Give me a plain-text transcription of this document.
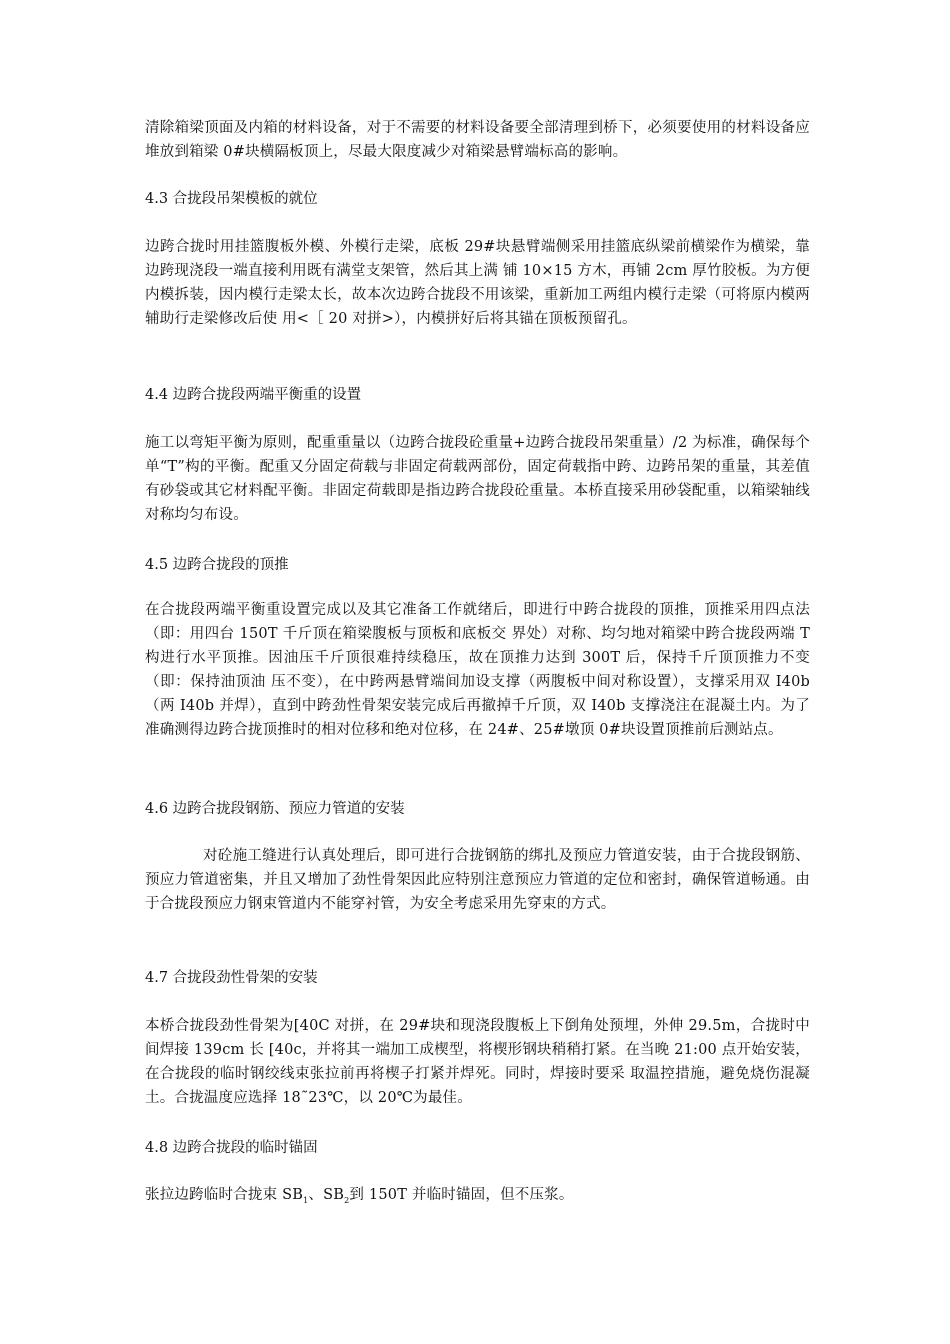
清除箱梁顶面及内箱的材料设备，对于不需要的材料设备要全部清理到桥下，必须要使用的材料设备应堆放到箱梁 0#块横隔板顶上，尽最大限度减少对箱梁悬臂端标高的影响。

4.3 合拢段吊架模板的就位

边跨合拢时用挂篮腹板外模、外模行走梁，底板 29#块悬臂端侧采用挂篮底纵梁前横梁作为横梁，靠边跨现浇段一端直接利用既有满堂支架管，然后其上满 铺 10×15 方木，再铺 2cm 厚竹胶板。为方便内模拆装，因内模行走梁太长，故本次边跨合拢段不用该梁，重新加工两组内模行走梁（可将原内模两辅助行走梁修改后使 用<［ 20 对拼>），内模拼好后将其锚在顶板预留孔。

4.4 边跨合拢段两端平衡重的设置

施工以弯矩平衡为原则，配重重量以（边跨合拢段砼重量+边跨合拢段吊架重量）/2 为标准，确保每个单“T”构的平衡。配重又分固定荷载与非固定荷载两部份，固定荷载指中跨、边跨吊架的重量，其差值有砂袋或其它材料配平衡。非固定荷载即是指边跨合拢段砼重量。本桥直接采用砂袋配重，以箱梁轴线对称均匀布设。

4.5 边跨合拢段的顶推

在合拢段两端平衡重设置完成以及其它准备工作就绪后，即进行中跨合拢段的顶推，顶推采用四点法（即：用四台 150T 千斤顶在箱梁腹板与顶板和底板交 界处）对称、均匀地对箱梁中跨合拢段两端 T 构进行水平顶推。因油压千斤顶很难持续稳压，故在顶推力达到 300T 后，保持千斤顶顶推力不变（即：保持油顶油 压不变），在中跨两悬臂端间加设支撑（两腹板中间对称设置），支撑采用双 I40b（两 I40b 并焊），直到中跨劲性骨架安装完成后再撤掉千斤顶，双 I40b 支撑浇注在混凝土内。为了准确测得边跨合拢顶推时的相对位移和绝对位移，在 24#、25#墩顶 0#块设置顶推前后测站点。

4.6 边跨合拢段钢筋、预应力管道的安装

对砼施工缝进行认真处理后，即可进行合拢钢筋的绑扎及预应力管道安装，由于合拢段钢筋、预应力管道密集，并且又增加了劲性骨架因此应特别注意预应力管道的定位和密封，确保管道畅通。由于合拢段预应力钢束管道内不能穿衬管，为安全考虑采用先穿束的方式。

4.7 合拢段劲性骨架的安装

本桥合拢段劲性骨架为[40C 对拼，在 29#块和现浇段腹板上下倒角处预埋，外伸 29.5m，合拢时中间焊接 139cm 长 [40c，并将其一端加工成楔型，将楔形钢块稍稍打紧。在当晚 21:00 点开始安装，在合拢段的临时钢绞线束张拉前再将楔子打紧并焊死。同时，焊接时要采 取温控措施，避免烧伤混凝土。合拢温度应选择 18˜23℃，以 20℃为最佳。

4.8 边跨合拢段的临时锚固

张拉边跨临时合拢束 $SB_1$、$SB_2$到 150T 并临时锚固，但不压浆。
